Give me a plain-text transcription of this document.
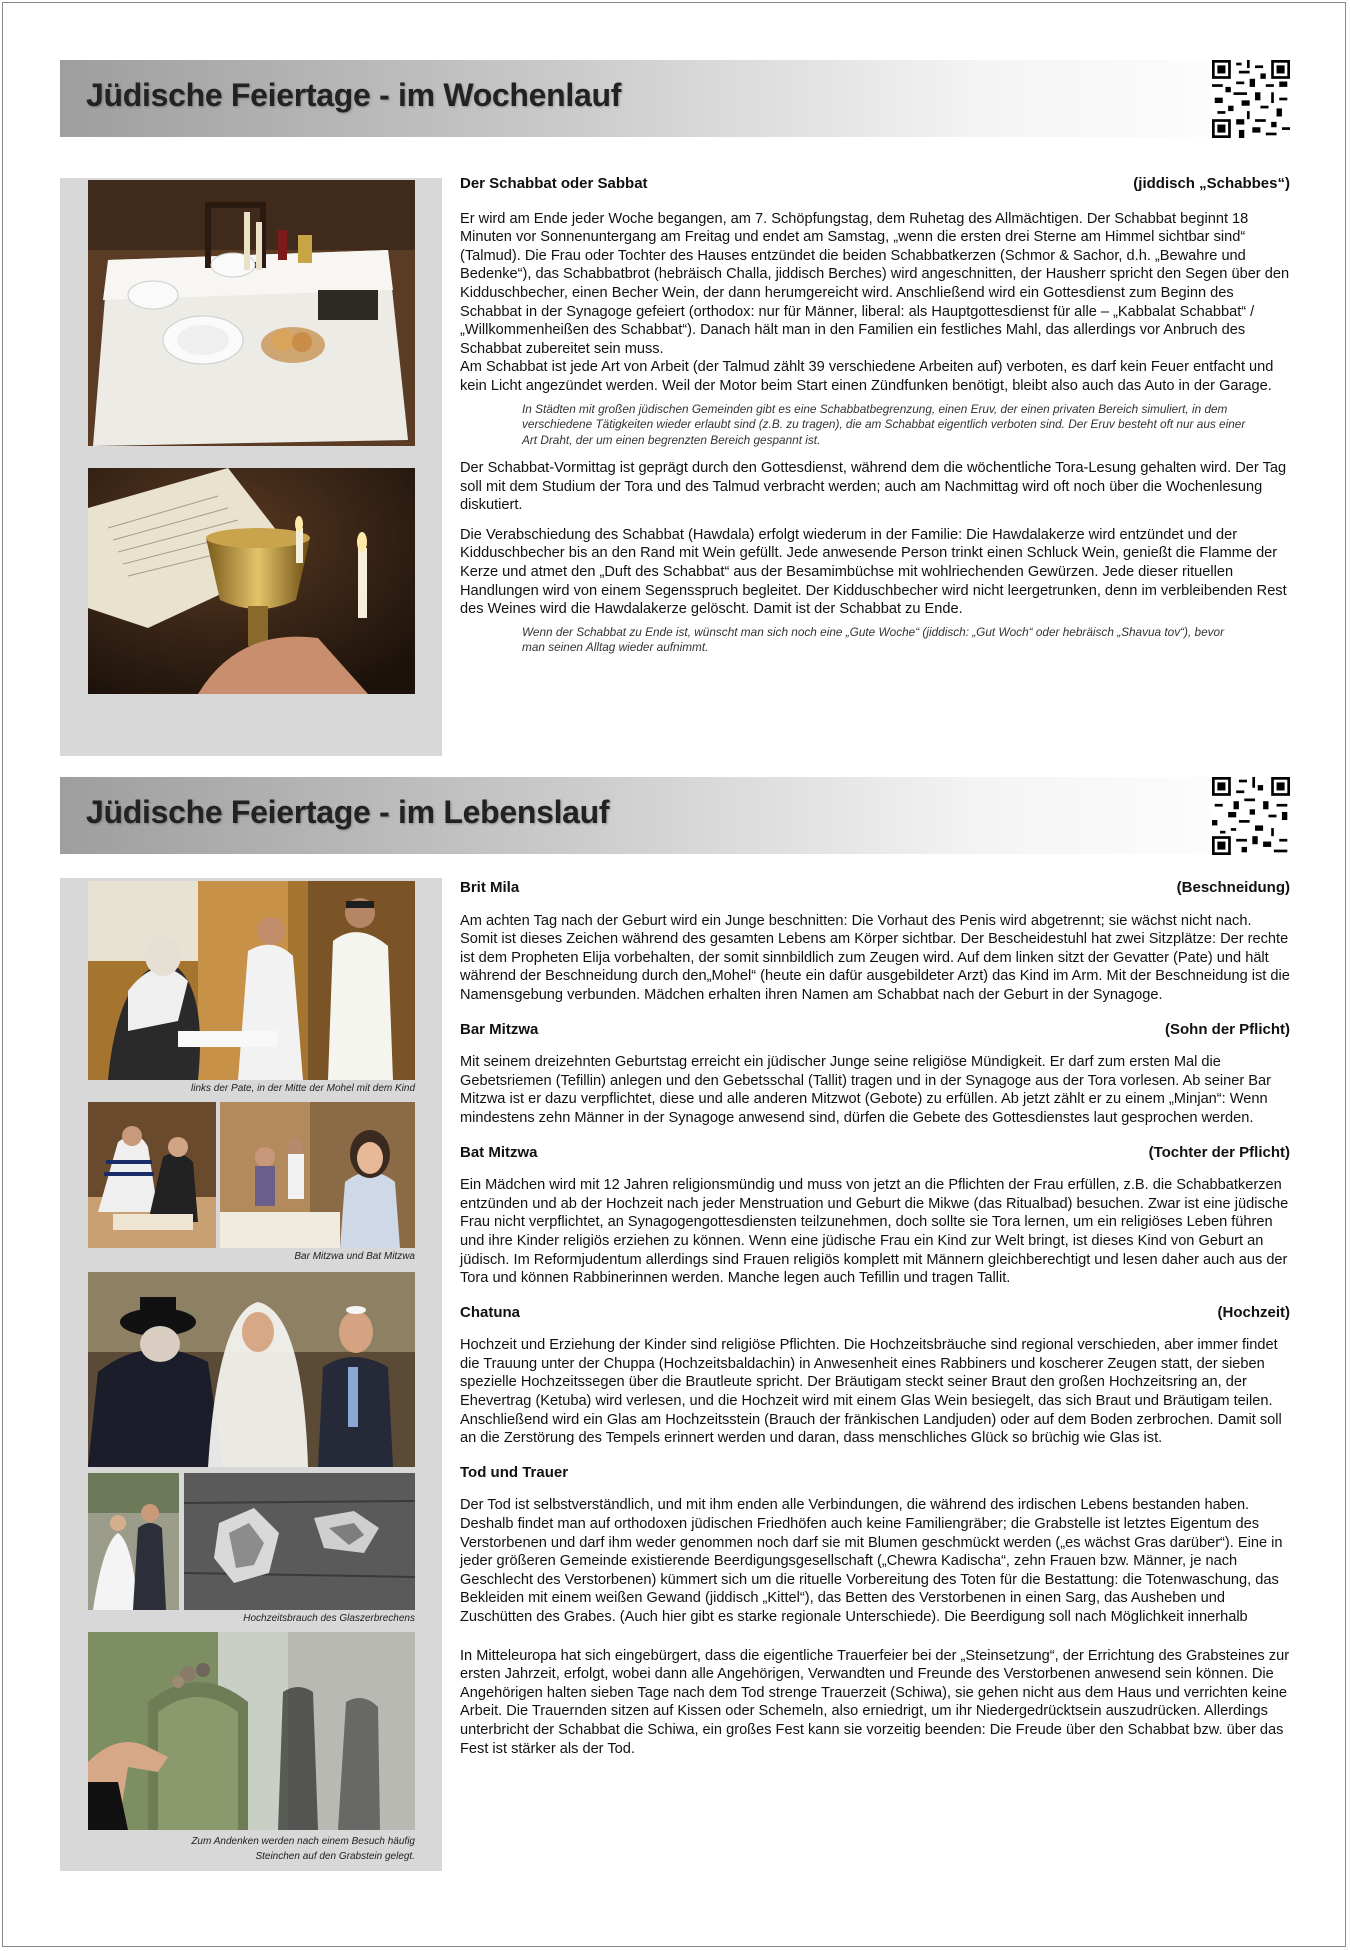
Jüdische Feiertage - im Wochenlauf
Der Schabbat oder Sabbat	(jiddisch „Schabbes“)

Er wird am Ende jeder Woche begangen, am 7. Schöpfungstag, dem Ruhetag des Allmächtigen. Der Schabbat beginnt 18 Minuten vor Sonnenuntergang am Freitag und endet am Samstag, „wenn die ersten drei Sterne am Himmel sichtbar sind“ (Talmud). Die Frau oder Tochter des Hauses entzündet die beiden Schabbatkerzen (Schmor & Sachor, d.h. „Bewahre und Bedenke“), das Schabbatbrot (hebräisch Challa, jiddisch Berches) wird angeschnitten, der Hausherr spricht den Segen über den Kidduschbecher, einen Becher Wein, der dann herumgereicht wird. Anschließend wird ein Gottesdienst zum Beginn des Schabbat in der Synagoge gefeiert (orthodox: nur für Männer, liberal: als Hauptgottesdienst für alle – „Kabbalat Schabbat“ / „Willkommenheißen des Schabbat“). Danach hält man in den Familien ein festliches Mahl, das allerdings vor Anbruch des Schabbat zubereitet sein muss.

Am Schabbat ist jede Art von Arbeit (der Talmud zählt 39 verschiedene Arbeiten auf) verboten, es darf kein Feuer entfacht und kein Licht angezündet werden. Weil der Motor beim Start einen Zündfunken benötigt, bleibt also auch das Auto in der Garage.

In Städten mit großen jüdischen Gemeinden gibt es eine Schabbatbegrenzung, einen Eruv, der einen privaten Bereich simuliert, in dem verschiedene Tätigkeiten wieder erlaubt sind (z.B. zu tragen), die am Schabbat eigentlich verboten sind. Der Eruv besteht oft nur aus einer Art Draht, der um einen begrenzten Bereich gespannt ist.

Der Schabbat-Vormittag ist geprägt durch den Gottesdienst, während dem die wöchentliche Tora-Lesung gehalten wird. Der Tag soll mit dem Studium der Tora und des Talmud verbracht werden; auch am Nachmittag wird oft noch über die Wochenlesung diskutiert.

Die Verabschiedung des Schabbat (Hawdala) erfolgt wiederum in der Familie: Die Hawdalakerze wird entzündet und der Kidduschbecher bis an den Rand mit Wein gefüllt. Jede anwesende Person trinkt einen Schluck Wein, genießt die Flamme der Kerze und atmet den „Duft des Schabbat“ aus der Besamimbüchse mit wohlriechenden Gewürzen. Jede dieser rituellen Handlungen wird von einem Segensspruch begleitet. Der Kidduschbecher wird nicht leergetrunken, denn im verbleibenden Rest des Weines wird die Hawdalakerze gelöscht. Damit ist der Schabbat zu Ende.

Wenn der Schabbat zu Ende ist, wünscht man sich noch eine „Gute Woche“ (jiddisch: „Gut Woch“ oder hebräisch „Shavua tov“), bevor man seinen Alltag wieder aufnimmt.

Jüdische Feiertage - im Lebenslauf
links der Pate, in der Mitte der Mohel mit dem Kind
Bar Mitzwa und Bat Mitzwa
Hochzeitsbrauch des Glaszerbrechens
Zum Andenken werden nach einem Besuch häufig
Steinchen auf den Grabstein gelegt.
Brit Mila	(Beschneidung)

Am achten Tag nach der Geburt wird ein Junge beschnitten: Die Vorhaut des Penis wird abgetrennt; sie wächst nicht nach. Somit ist dieses Zeichen während des gesamten Lebens am Körper sichtbar. Der Bescheidestuhl hat zwei Sitzplätze: Der rechte ist dem Propheten Elija vorbehalten, der somit sinnbildlich zum Zeugen wird. Auf dem linken sitzt der Gevatter (Pate) und hält während der Beschneidung durch den„Mohel“ (heute ein dafür ausgebildeter Arzt) das Kind im Arm. Mit der Beschneidung ist die Namensgebung verbunden. Mädchen erhalten ihren Namen am Schabbat nach der Geburt in der Synagoge.

Bar Mitzwa	(Sohn der Pflicht)

Mit seinem dreizehnten Geburtstag erreicht ein jüdischer Junge seine religiöse Mündigkeit. Er darf zum ersten Mal die Gebetsriemen (Tefillin) anlegen und den Gebetsschal (Tallit) tragen und in der Synagoge aus der Tora vorlesen. Ab seiner Bar Mitzwa ist er dazu verpflichtet, diese und alle anderen Mitzwot (Gebote) zu erfüllen. Ab jetzt zählt er zu einem „Minjan“: Wenn mindestens zehn Männer in der Synagoge anwesend sind, dürfen die Gebete des Gottesdienstes laut gesprochen werden.

Bat Mitzwa	(Tochter der Pflicht)

Ein Mädchen wird mit 12 Jahren religionsmündig und muss von jetzt an die Pflichten der Frau erfüllen, z.B. die Schabbatkerzen entzünden und ab der Hochzeit nach jeder Menstruation und Geburt die Mikwe (das Ritualbad) besuchen. Zwar ist eine jüdische Frau nicht verpflichtet, an Synagogengottesdiensten teilzunehmen, doch sollte sie Tora lernen, um ein religiöses Leben führen und ihre Kinder religiös erziehen zu können. Wenn eine jüdische Frau ein Kind zur Welt bringt, ist dieses Kind von Geburt an jüdisch. Im Reformjudentum allerdings sind Frauen religiös komplett mit Männern gleichberechtigt und lesen daher auch aus der Tora und können Rabbinerinnen werden. Manche legen auch Tefillin und tragen Tallit.

Chatuna	(Hochzeit)

Hochzeit und Erziehung der Kinder sind religiöse Pflichten. Die Hochzeitsbräuche sind regional verschieden, aber immer findet die Trauung unter der Chuppa (Hochzeitsbaldachin) in Anwesenheit eines Rabbiners und koscherer Zeugen statt, der sieben spezielle Hochzeitssegen über die Brautleute spricht. Der Bräutigam steckt seiner Braut den großen Hochzeitsring an, der Ehevertrag (Ketuba) wird verlesen, und die Hochzeit wird mit einem Glas Wein besiegelt, das sich Braut und Bräutigam teilen. Anschließend wird ein Glas am Hochzeitsstein (Brauch der fränkischen Landjuden) oder auf dem Boden zerbrochen. Damit soll an die Zerstörung des Tempels erinnert werden und daran, dass menschliches Glück so brüchig wie Glas ist.

Tod und Trauer

Der Tod ist selbstverständlich, und mit ihm enden alle Verbindungen, die während des irdischen Lebens bestanden haben. Deshalb findet man auf orthodoxen jüdischen Friedhöfen auch keine Familiengräber; die Grabstelle ist letztes Eigentum des Verstorbenen und darf ihm weder genommen noch darf sie mit Blumen geschmückt werden („es wächst Gras darüber“). Eine in jeder größeren Gemeinde existierende Beerdigungsgesellschaft („Chewra Kadischa“, zehn Frauen bzw. Männer, je nach Geschlecht des Verstorbenen) kümmert sich um die rituelle Vorbereitung des Toten für die Bestattung: die Totenwaschung, das Bekleiden mit einem weißen Gewand (jiddisch „Kittel“), das Betten des Verstorbenen in einen Sarg, das Ausheben und Zuschütten des Grabes. (Auch hier gibt es starke regionale Unterschiede). Die Beerdigung soll nach Möglichkeit innerhalb

In Mitteleuropa hat sich eingebürgert, dass die eigentliche Trauerfeier bei der „Steinsetzung“, der Errichtung des Grabsteines zur ersten Jahrzeit, erfolgt, wobei dann alle Angehörigen, Verwandten und Freunde des Verstorbenen anwesend sein können. Die Angehörigen halten sieben Tage nach dem Tod strenge Trauerzeit (Schiwa), sie gehen nicht aus dem Haus und verrichten keine Arbeit. Die Trauernden sitzen auf Kissen oder Schemeln, also erniedrigt, um ihr Niedergedrücktsein auszudrücken. Allerdings unterbricht der Schabbat die Schiwa, ein großes Fest kann sie vorzeitig beenden: Die Freude über den Schabbat bzw. über das Fest ist stärker als der Tod.
